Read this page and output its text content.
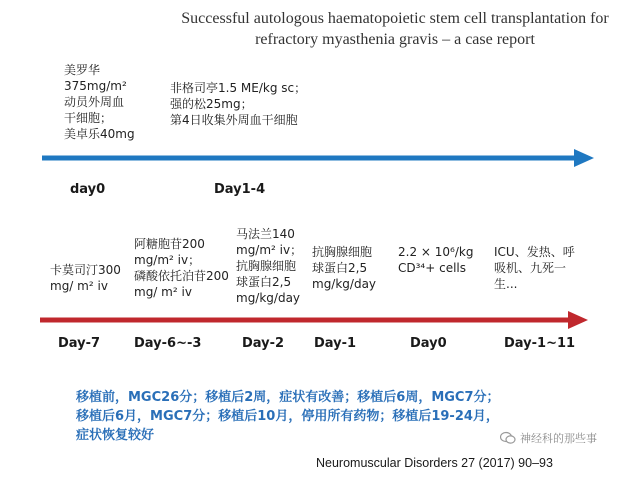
Successful autologous haematopoietic stem cell transplantation for
refractory myasthenia gravis – a case report
美罗华
375mg/m²
动员外周血
干细胞；
美卓乐40mg
非格司亭1.5 ME/kg sc；
强的松25mg；
第4日收集外周血干细胞
day0	Day1-4
卡莫司汀300
mg/ m² iv
阿糖胞苷200
mg/m² iv；
磷酸依托泊苷200
mg/ m² iv
马法兰140
mg/m² iv；
抗胸腺细胞
球蛋白2,5
mg/kg/day
抗胸腺细胞
球蛋白2,5
mg/kg/day
2.2 × 10⁶/kg
CD³⁴+ cells
ICU、发热、呼
吸机、九死一
生...
Day-7	Day-6~-3	Day-2 Day-1	Day0	Day-1~11
移植前，MGC26分；移植后2周，症状有改善；移植后6周，MGC7分；
移植后6月，MGC7分；移植后10月，停用所有药物；移植后19-24月，
症状恢复较好	神经科的那些事
Neuromuscular Disorders 27 (2017) 90–93
